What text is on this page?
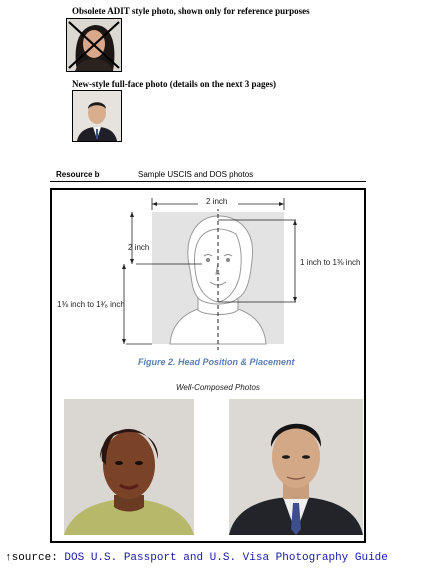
Obsolete ADIT style photo, shown only for reference purposes
New-style full-face photo (details on the next 3 pages)
Resource b	Sample USCIS and DOS photos
2 inch
2 inch
1 inch to 1⅜ inch
1⅜ inch to 1³⁄₈ inch
Figure 2. Head Position & Placement
Well-Composed Photos
↑source: DOS U.S. Passport and U.S. Visa Photography Guide
